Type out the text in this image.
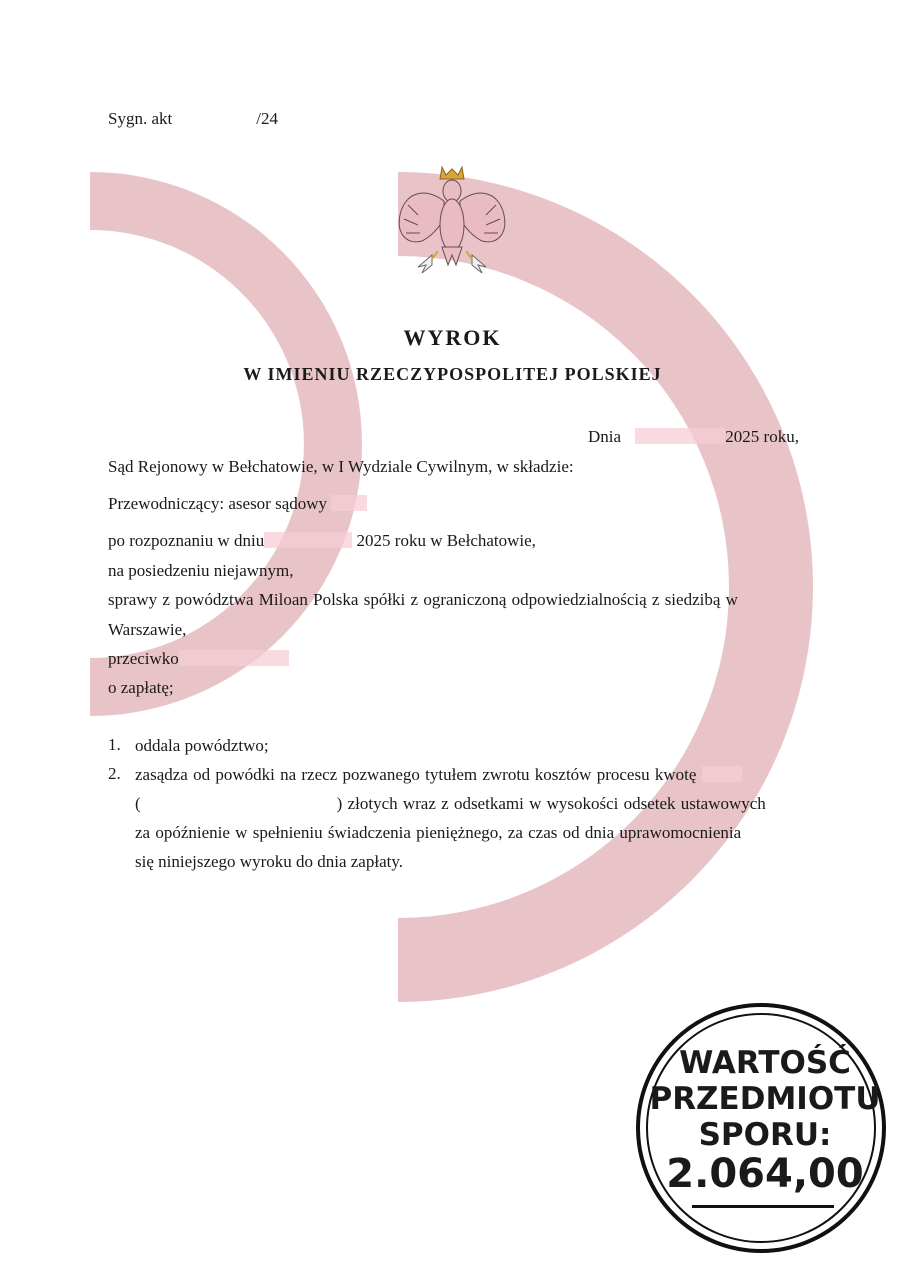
Sygn. akt	/24
WYROK
W IMIENIU RZECZYPOSPOLITEJ POLSKIEJ
Dnia	2025 roku,
Sąd Rejonowy w Bełchatowie, w I Wydziale Cywilnym, w składzie:
Przewodniczący: asesor sądowy
po rozpoznaniu w dniu	2025 roku w Bełchatowie,
na posiedzeniu niejawnym,
sprawy z powództwa Miloan Polska spółki z ograniczoną odpowiedzialnością z siedzibą w
Warszawie,
przeciwko
o zapłatę;
1. oddala powództwo;
2. zasądza od powódki na rzecz pozwanego tytułem zwrotu kosztów procesu kwotę
(	) złotych wraz z odsetkami w wysokości odsetek ustawowych
za opóźnienie w spełnieniu świadczenia pieniężnego, za czas od dnia uprawomocnienia
się niniejszego wyroku do dnia zapłaty.
WARTOŚĆ
PRZEDMIOTU
SPORU:
2.064,00
